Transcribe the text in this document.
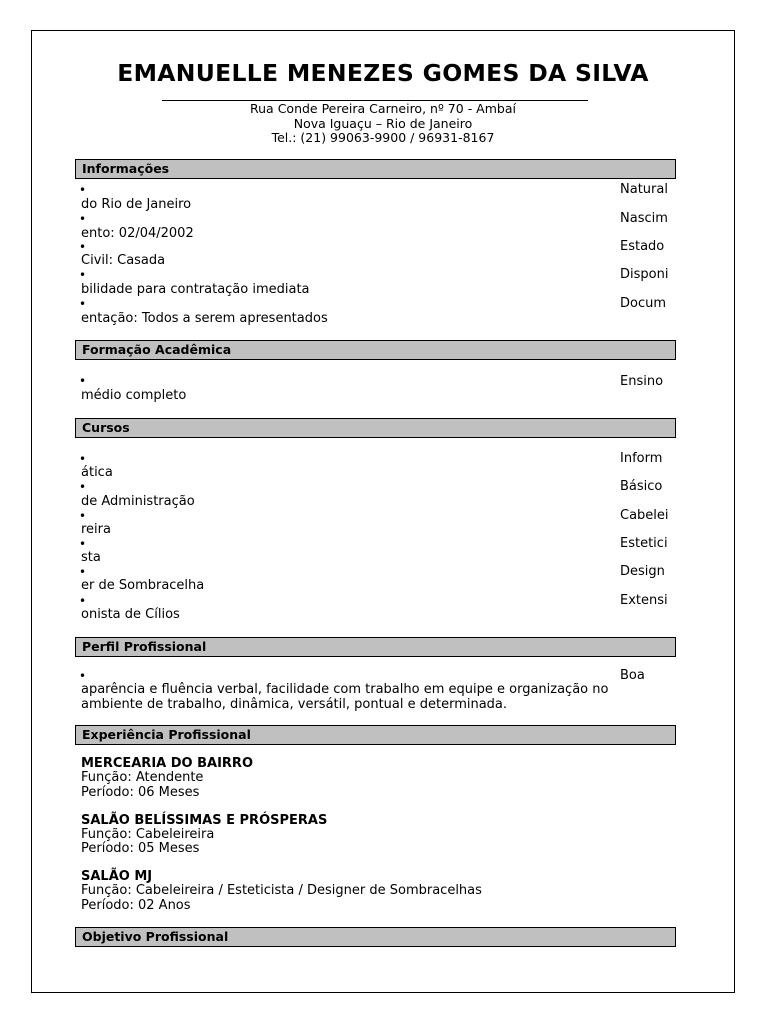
EMANUELLE MENEZES GOMES DA SILVA
Rua Conde Pereira Carneiro, nº 70 - Ambaí
Nova Iguaçu – Rio de Janeiro
Tel.: (21) 99063-9900 / 96931-8167
Informações
•	Natural
do Rio de Janeiro
•	Nascim
ento: 02/04/2002
•	Estado
Civil: Casada
•	Disponi
bilidade para contratação imediata
•	Docum
entação: Todos a serem apresentados
Formação Acadêmica
•	Ensino
médio completo
Cursos
•	Inform
ática
•	Básico
de Administração
•	Cabelei
reira
•	Estetici
sta
•	Design
er de Sombracelha
•	Extensi
onista de Cílios
Perfil Profissional
•	Boa
aparência e fluência verbal, facilidade com trabalho em equipe e organização no
ambiente de trabalho, dinâmica, versátil, pontual e determinada.
Experiência Profissional
MERCEARIA DO BAIRRO
Função: Atendente
Período: 06 Meses
SALÃO BELÍSSIMAS E PRÓSPERAS
Função: Cabeleireira
Período: 05 Meses
SALÃO MJ
Função: Cabeleireira / Esteticista / Designer de Sombracelhas
Período: 02 Anos
Objetivo Profissional
